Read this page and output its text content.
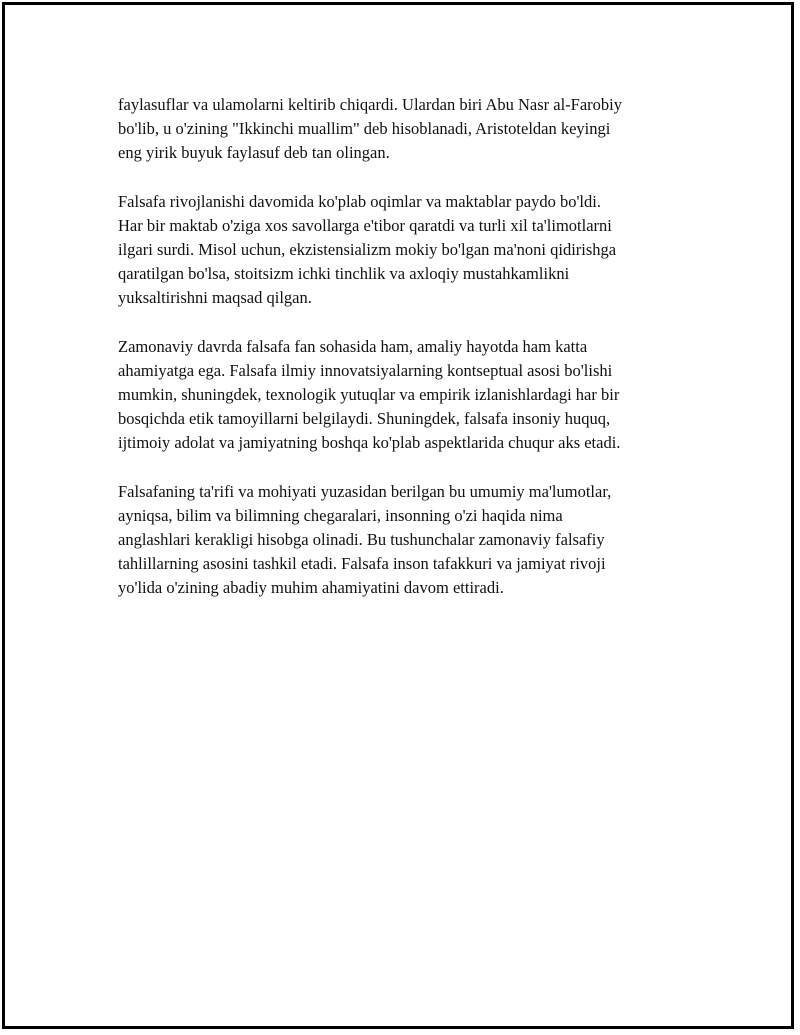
faylasuflar va ulamolarni keltirib chiqardi. Ulardan biri Abu Nasr al-Farobiy
bo'lib, u o'zining "Ikkinchi muallim" deb hisoblanadi, Aristoteldan keyingi
eng yirik buyuk faylasuf deb tan olingan.

Falsafa rivojlanishi davomida ko'plab oqimlar va maktablar paydo bo'ldi.
Har bir maktab o'ziga xos savollarga e'tibor qaratdi va turli xil ta'limotlarni
ilgari surdi. Misol uchun, ekzistensializm mokiy bo'lgan ma'noni qidirishga
qaratilgan bo'lsa, stoitsizm ichki tinchlik va axloqiy mustahkamlikni
yuksaltirishni maqsad qilgan.

Zamonaviy davrda falsafa fan sohasida ham, amaliy hayotda ham katta
ahamiyatga ega. Falsafa ilmiy innovatsiyalarning kontseptual asosi bo'lishi
mumkin, shuningdek, texnologik yutuqlar va empirik izlanishlardagi har bir
bosqichda etik tamoyillarni belgilaydi. Shuningdek, falsafa insoniy huquq,
ijtimoiy adolat va jamiyatning boshqa ko'plab aspektlarida chuqur aks etadi.

Falsafaning ta'rifi va mohiyati yuzasidan berilgan bu umumiy ma'lumotlar,
ayniqsa, bilim va bilimning chegaralari, insonning o'zi haqida nima
anglashlari kerakligi hisobga olinadi. Bu tushunchalar zamonaviy falsafiy
tahlillarning asosini tashkil etadi. Falsafa inson tafakkuri va jamiyat rivoji
yo'lida o'zining abadiy muhim ahamiyatini davom ettiradi.
